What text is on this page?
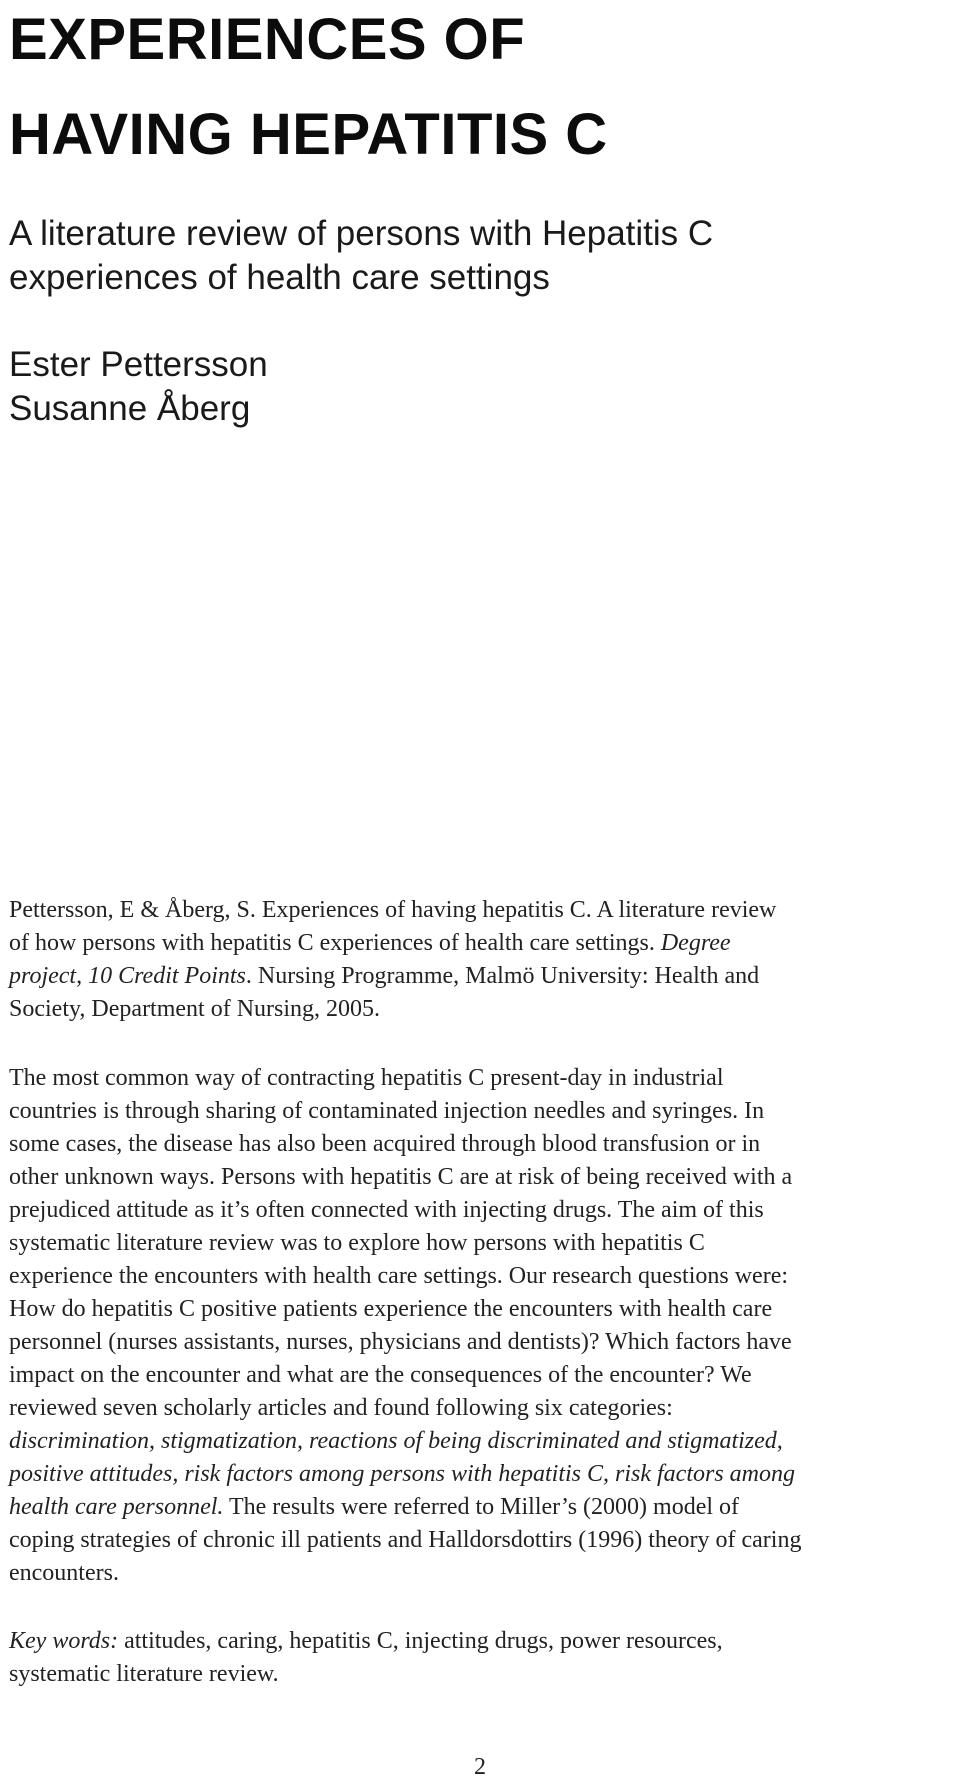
EXPERIENCES OF
HAVING HEPATITIS C
A literature review of persons with Hepatitis C
experiences of health care settings
Ester Pettersson
Susanne Åberg

Pettersson, E & Åberg, S. Experiences of having hepatitis C. A literature review
of how persons with hepatitis C experiences of health care settings. Degree
project, 10 Credit Points. Nursing Programme, Malmö University: Health and
Society, Department of Nursing, 2005.

The most common way of contracting hepatitis C present-day in industrial
countries is through sharing of contaminated injection needles and syringes. In
some cases, the disease has also been acquired through blood transfusion or in
other unknown ways. Persons with hepatitis C are at risk of being received with a
prejudiced attitude as it’s often connected with injecting drugs. The aim of this
systematic literature review was to explore how persons with hepatitis C
experience the encounters with health care settings. Our research questions were:
How do hepatitis C positive patients experience the encounters with health care
personnel (nurses assistants, nurses, physicians and dentists)? Which factors have
impact on the encounter and what are the consequences of the encounter? We
reviewed seven scholarly articles and found following six categories:
discrimination, stigmatization, reactions of being discriminated and stigmatized,
positive attitudes, risk factors among persons with hepatitis C, risk factors among
health care personnel. The results were referred to Miller’s (2000) model of
coping strategies of chronic ill patients and Halldorsdottirs (1996) theory of caring
encounters.

Key words: attitudes, caring, hepatitis C, injecting drugs, power resources,
systematic literature review.

2
